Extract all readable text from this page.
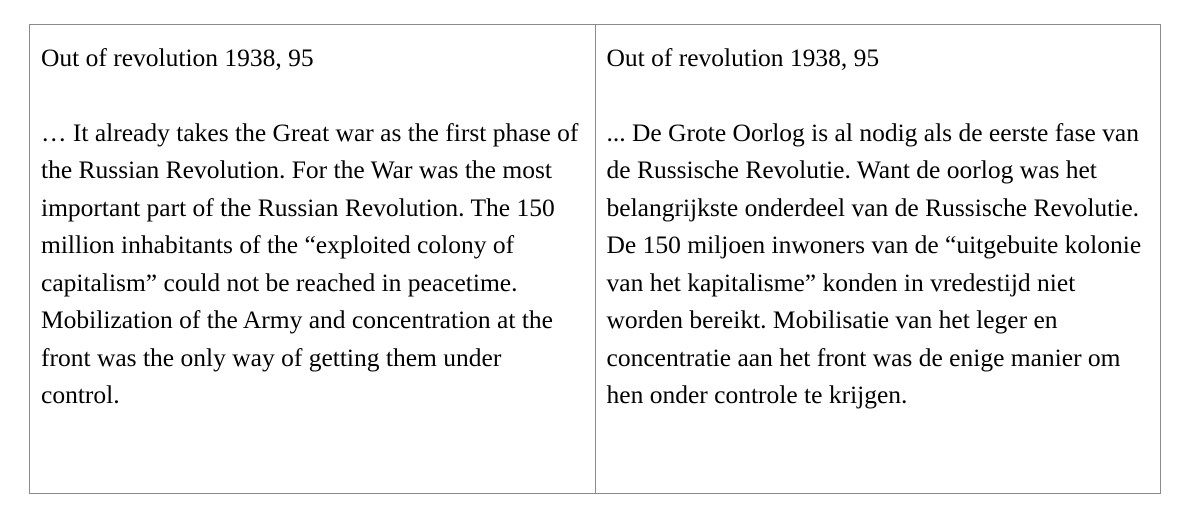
Out of revolution 1938, 95

… It already takes the Great war as the first phase of the Russian Revolution. For the War was the most important part of the Russian Revolution. The 150 million inhabitants of the “exploited colony of capitalism” could not be reached in peacetime. Mobilization of the Army and concentration at the front was the only way of getting them under control.

Out of revolution 1938, 95

... De Grote Oorlog is al nodig als de eerste fase van de Russische Revolutie. Want de oorlog was het belangrijkste onderdeel van de Russische Revolutie. De 150 miljoen inwoners van de “uitgebuite kolonie van het kapitalisme” konden in vredestijd niet worden bereikt. Mobilisatie van het leger en concentratie aan het front was de enige manier om hen onder controle te krijgen.
